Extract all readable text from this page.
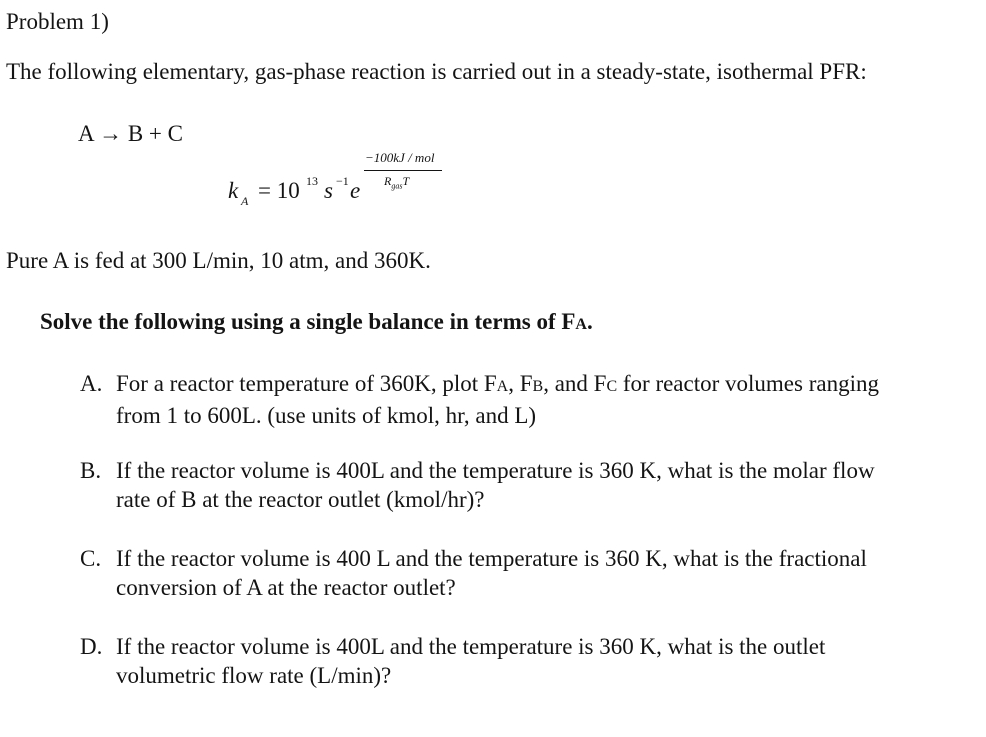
Problem 1)
The following elementary, gas-phase reaction is carried out in a steady-state, isothermal PFR:
A → B + C
k A = 10 13 s −1 e
−100kJ / mol
$R_{gas}T$
Pure A is fed at 300 L/min, 10 atm, and 360K.
Solve the following using a single balance in terms of FA.
A. For a reactor temperature of 360K, plot FA, FB, and FC for reactor volumes ranging
from 1 to 600L. (use units of kmol, hr, and L)
B. If the reactor volume is 400L and the temperature is 360 K, what is the molar flow
rate of B at the reactor outlet (kmol/hr)?
C. If the reactor volume is 400 L and the temperature is 360 K, what is the fractional
conversion of A at the reactor outlet?
D. If the reactor volume is 400L and the temperature is 360 K, what is the outlet
volumetric flow rate (L/min)?
